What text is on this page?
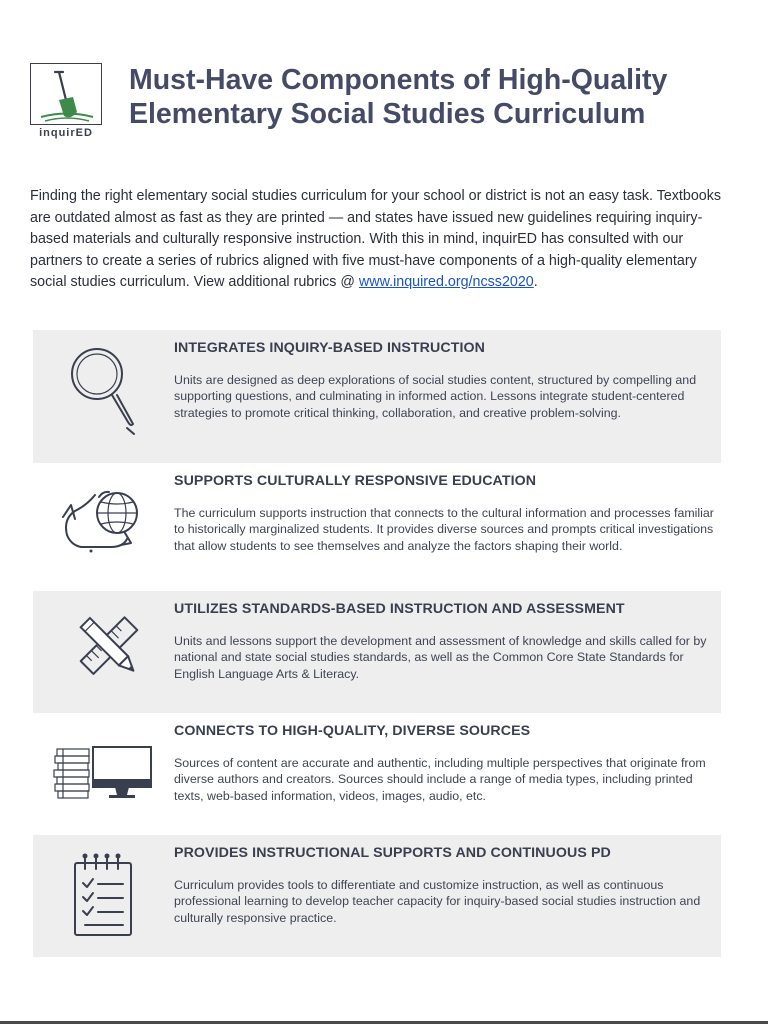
inquirED
Must-Have Components of High-Quality Elementary Social Studies Curriculum

Finding the right elementary social studies curriculum for your school or district is not an easy task. Textbooks are outdated almost as fast as they are printed — and states have issued new guidelines requiring inquiry-based materials and culturally responsive instruction. With this in mind, inquirED has consulted with our partners to create a series of rubrics aligned with five must-have components of a high-quality elementary social studies curriculum. View additional rubrics @ www.inquired.org/ncss2020.

INTEGRATES INQUIRY-BASED INSTRUCTION

Units are designed as deep explorations of social studies content, structured by compelling and supporting questions, and culminating in informed action. Lessons integrate student-centered strategies to promote critical thinking, collaboration, and creative problem-solving.

SUPPORTS CULTURALLY RESPONSIVE EDUCATION

The curriculum supports instruction that connects to the cultural information and processes familiar to historically marginalized students. It provides diverse sources and prompts critical investigations that allow students to see themselves and analyze the factors shaping their world.

UTILIZES STANDARDS-BASED INSTRUCTION AND ASSESSMENT

Units and lessons support the development and assessment of knowledge and skills called for by national and state social studies standards, as well as the Common Core State Standards for English Language Arts & Literacy.

CONNECTS TO HIGH-QUALITY, DIVERSE SOURCES

Sources of content are accurate and authentic, including multiple perspectives that originate from diverse authors and creators. Sources should include a range of media types, including printed texts, web-based information, videos, images, audio, etc.

PROVIDES INSTRUCTIONAL SUPPORTS AND CONTINUOUS PD

Curriculum provides tools to differentiate and customize instruction, as well as continuous professional learning to develop teacher capacity for inquiry-based social studies instruction and culturally responsive practice.
